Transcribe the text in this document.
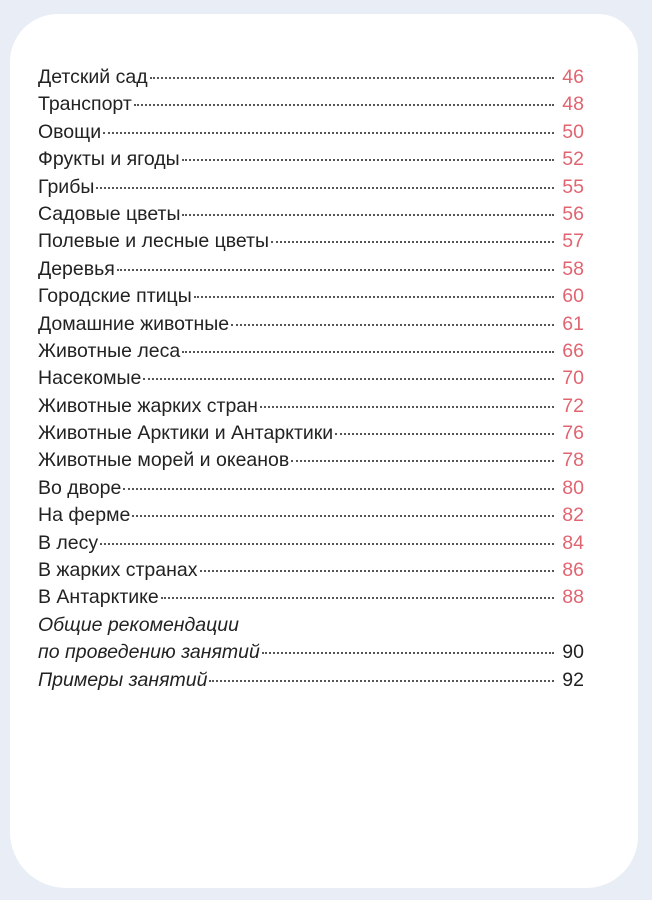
Детский сад	46
Транспорт	48
Овощи	50
Фрукты и ягоды	52
Грибы	55
Садовые цветы	56
Полевые и лесные цветы	57
Деревья	58
Городские птицы	60
Домашние животные	61
Животные леса	66
Насекомые	70
Животные жарких стран	72
Животные Арктики и Антарктики	76
Животные морей и океанов	78
Во дворе	80
На ферме	82
В лесу	84
В жарких странах	86
В Антарктике	88
Общие рекомендации
по проведению занятий	90
Примеры занятий	92
